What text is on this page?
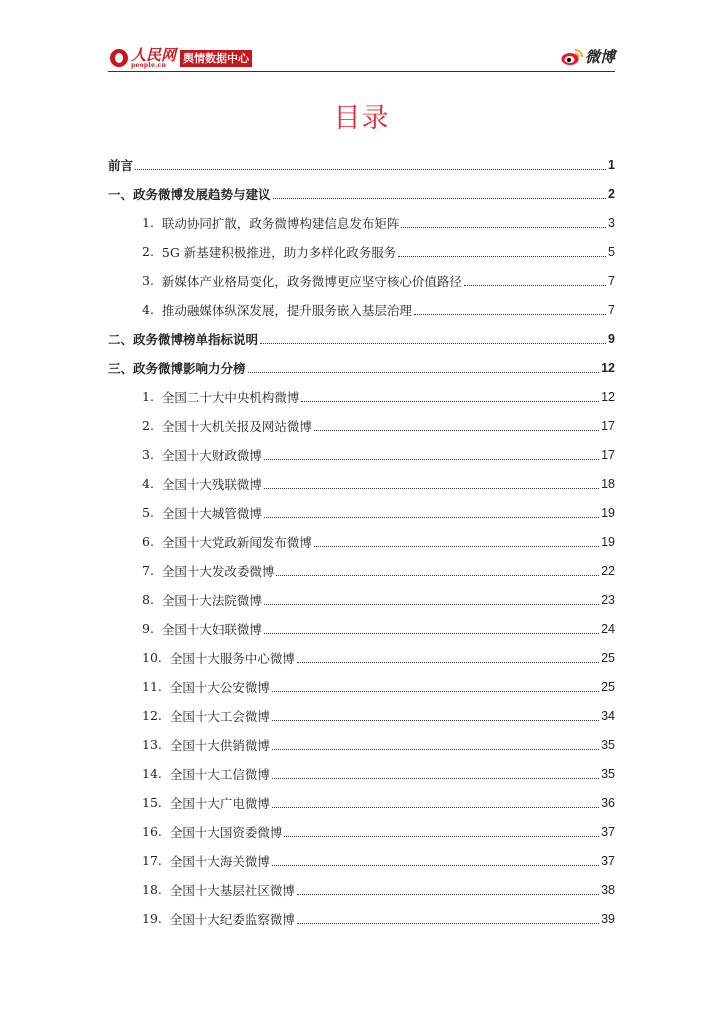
人民网
people.cn
舆情数据中心	微博
目录
前言	1
一、政务微博发展趋势与建议	2
1. 联动协同扩散，政务微博构建信息发布矩阵	3
2. 5G 新基建积极推进，助力多样化政务服务	5
3. 新媒体产业格局变化，政务微博更应坚守核心价值路径	7
4. 推动融媒体纵深发展，提升服务嵌入基层治理	7
二、政务微博榜单指标说明	9
三、政务微博影响力分榜	12
1. 全国二十大中央机构微博	12
2. 全国十大机关报及网站微博	17
3. 全国十大财政微博	17
4. 全国十大残联微博	18
5. 全国十大城管微博	19
6. 全国十大党政新闻发布微博	19
7. 全国十大发改委微博	22
8. 全国十大法院微博	23
9. 全国十大妇联微博	24
10. 全国十大服务中心微博	25
11. 全国十大公安微博	25
12. 全国十大工会微博	34
13. 全国十大供销微博	35
14. 全国十大工信微博	35
15. 全国十大广电微博	36
16. 全国十大国资委微博	37
17. 全国十大海关微博	37
18. 全国十大基层社区微博	38
19. 全国十大纪委监察微博	39
